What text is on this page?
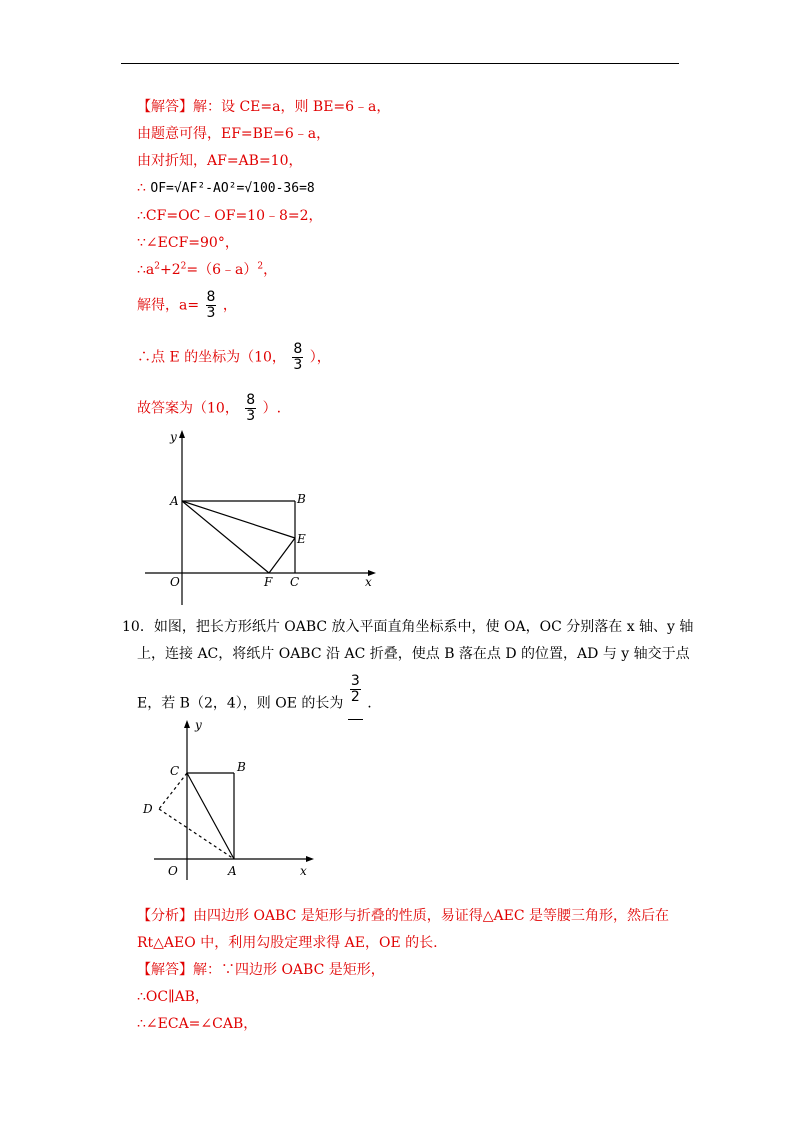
【解答】解：设 CE=a，则 BE=6﹣a，
由题意可得，EF=BE=6﹣a，
由对折知，AF=AB=10，
∴ OF=√AF²-AO²=√100-36=8
∴CF=OC﹣OF=10﹣8=2，
∵∠ECF=90°，
$\therefore a^2+2^2=(6﹣a)^2$，
解得，$a= \frac{8}{3}$ ，
∴点 E 的坐标为（10， $\frac{8}{3}$ ），
故答案为（10， $\frac{8}{3}$ ）.
y
A	B
E
O	F C	x
10．如图，把长方形纸片 OABC 放入平面直角坐标系中，使 OA，OC 分别落在 x 轴、y 轴
上，连接 AC，将纸片 OABC 沿 AC 折叠，使点 B 落在点 D 的位置，AD 与 y 轴交于点
E，若 B（2，4），则 OE 的长为 $\frac{3}{2}$ .
y
C	B
D
O	A	x
【分析】由四边形 OABC 是矩形与折叠的性质，易证得△AEC 是等腰三角形，然后在
Rt△AEO 中，利用勾股定理求得 AE，OE 的长.
【解答】解：∵四边形 OABC 是矩形，
∴OC∥AB，
∴∠ECA=∠CAB，
